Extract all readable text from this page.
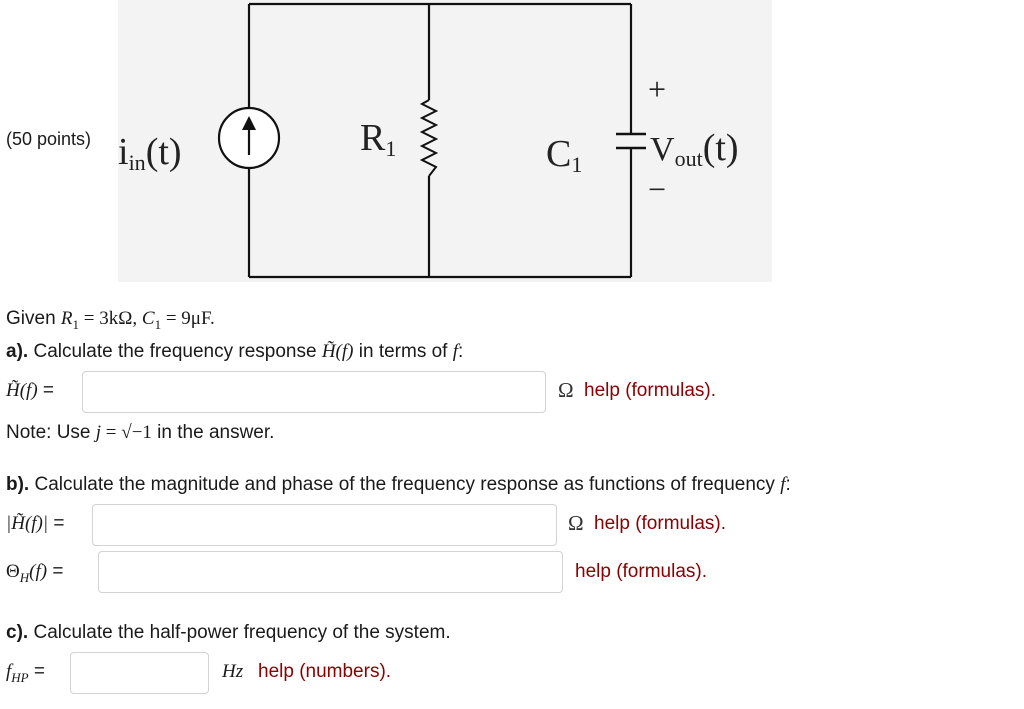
iin(t)	R1	C1 Vout(t)
+
−
(50 points)
Given $R_1 = 3k\Omega$, $C_1 = 9\mu F$.
a). Calculate the frequency response H̃(f) in terms of f:
H̃(f) =	Ω help (formulas).
Note: Use j = √−1 in the answer.
b). Calculate the magnitude and phase of the frequency response as functions of frequency f:
|H̃(f)| =	Ω help (formulas).
$\Theta_H(f)$ =	help (formulas).
c). Calculate the half-power frequency of the system.
$f_{HP}$ =	Hz help (numbers).
